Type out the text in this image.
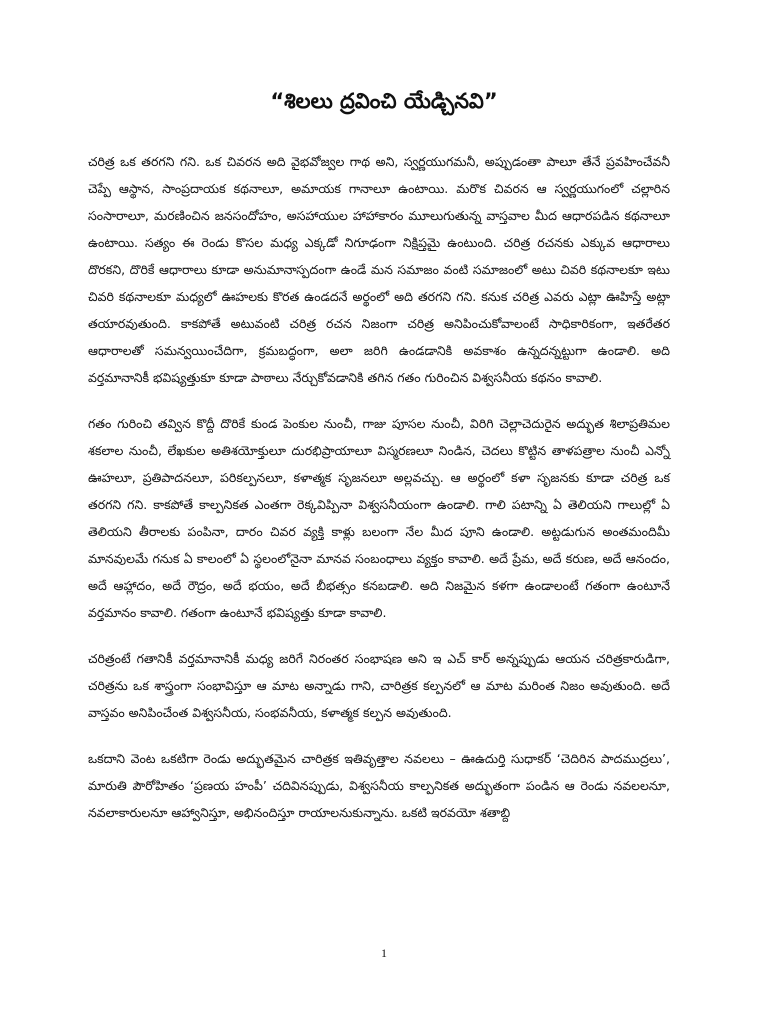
“శిలలు ద్రవించి యేడ్చినవి”

చరిత్ర ఒక తరగని గని. ఒక చివరన అది వైభవోజ్వల గాథ అని, స్వర్ణయుగమనీ, అప్పుడంతా పాలూ తేనే ప్రవహించేవనీ చెప్పే ఆస్థాన, సాంప్రదాయక కథనాలూ, అమాయక గానాలూ ఉంటాయి. మరొక చివరన ఆ స్వర్ణయుగంలో చల్లారిన సంసారాలూ, మరణించిన జనసందోహం, అసహాయుల హాహాకారం మూలుగుతున్న వాస్తవాల మీద ఆధారపడిన కథనాలూ ఉంటాయి. సత్యం ఈ రెండు కొసల మధ్య ఎక్కడో నిగూఢంగా నిక్షిప్తమై ఉంటుంది. చరిత్ర రచనకు ఎక్కువ ఆధారాలు దొరకని, దొరికే ఆధారాలు కూడా అనుమానాస్పదంగా ఉండే మన సమాజం వంటి సమాజంలో అటు చివరి కథనాలకూ ఇటు చివరి కథనాలకూ మధ్యలో ఊహలకు కొరత ఉండదనే అర్థంలో అది తరగని గని. కనుక చరిత్ర ఎవరు ఎట్లా ఊహిస్తే అట్లా తయారవుతుంది. కాకపోతే అటువంటి చరిత్ర రచన నిజంగా చరిత్ర అనిపించుకోవాలంటే సాధికారికంగా, ఇతరేతర ఆధారాలతో సమన్వయించేదిగా, క్రమబద్ధంగా, అలా జరిగి ఉండడానికి అవకాశం ఉన్నదన్నట్టుగా ఉండాలి. అది వర్తమానానికీ భవిష్యత్తుకూ కూడా పాఠాలు నేర్చుకోవడానికి తగిన గతం గురించిన విశ్వసనీయ కథనం కావాలి.

గతం గురించి తవ్విన కొద్దీ దొరికే కుండ పెంకుల నుంచీ, గాజు పూసల నుంచీ, విరిగి చెల్లాచెదురైన అద్భుత శిలాప్రతిమల శకలాల నుంచీ, లేఖకుల అతిశయోక్తులూ దురభిప్రాయాలూ విస్మరణలూ నిండిన, చెదలు కొట్టిన తాళపత్రాల నుంచీ ఎన్నో ఊహలూ, ప్రతిపాదనలూ, పరికల్పనలూ, కళాత్మక సృజనలూ అల్లవచ్చు. ఆ అర్థంలో కళా సృజనకు కూడా చరిత్ర ఒక తరగని గని. కాకపోతే కాల్పనికత ఎంతగా రెక్కవిప్పినా విశ్వసనీయంగా ఉండాలి. గాలి పటాన్ని ఏ తెలియని గాలుల్లో ఏ తెలియని తీరాలకు పంపినా, దారం చివర వ్యక్తి కాళ్లు బలంగా నేల మీద పూని ఉండాలి. అట్టడుగున అంతమందిమీ మానవులమే గనుక ఏ కాలంలో ఏ స్థలంలోనైనా మానవ సంబంధాలు వ్యక్తం కావాలి. అదే ప్రేమ, అదే కరుణ, అదే ఆనందం, అదే ఆహ్లాదం, అదే రౌద్రం, అదే భయం, అదే బీభత్సం కనబడాలి. అది నిజమైన కళగా ఉండాలంటే గతంగా ఉంటూనే వర్తమానం కావాలి. గతంగా ఉంటూనే భవిష్యత్తు కూడా కావాలి.

చరిత్రంటే గతానికీ వర్తమానానికీ మధ్య జరిగే నిరంతర సంభాషణ అని ఇ ఎచ్ కార్ అన్నప్పుడు ఆయన చరిత్రకారుడిగా, చరిత్రను ఒక శాస్త్రంగా సంభావిస్తూ ఆ మాట అన్నాడు గాని, చారిత్రక కల్పనలో ఆ మాట మరింత నిజం అవుతుంది. అదే వాస్తవం అనిపించేంత విశ్వసనీయ, సంభవనీయ, కళాత్మక కల్పన అవుతుంది.

ఒకదాని వెంట ఒకటిగా రెండు అద్భుతమైన చారిత్రక ఇతివృత్తాల నవలలు – ఊఉదుర్తి సుధాకర్ ‘చెదిరిన పాదముద్రలు’, మారుతి పౌరోహితం ‘ప్రణయ హంపీ’ చదివినప్పుడు, విశ్వసనీయ కాల్పనికత అద్భుతంగా పండిన ఆ రెండు నవలలనూ, నవలాకారులనూ ఆహ్వానిస్తూ, అభినందిస్తూ రాయాలనుకున్నాను. ఒకటి ఇరవయో శతాబ్ది

1
